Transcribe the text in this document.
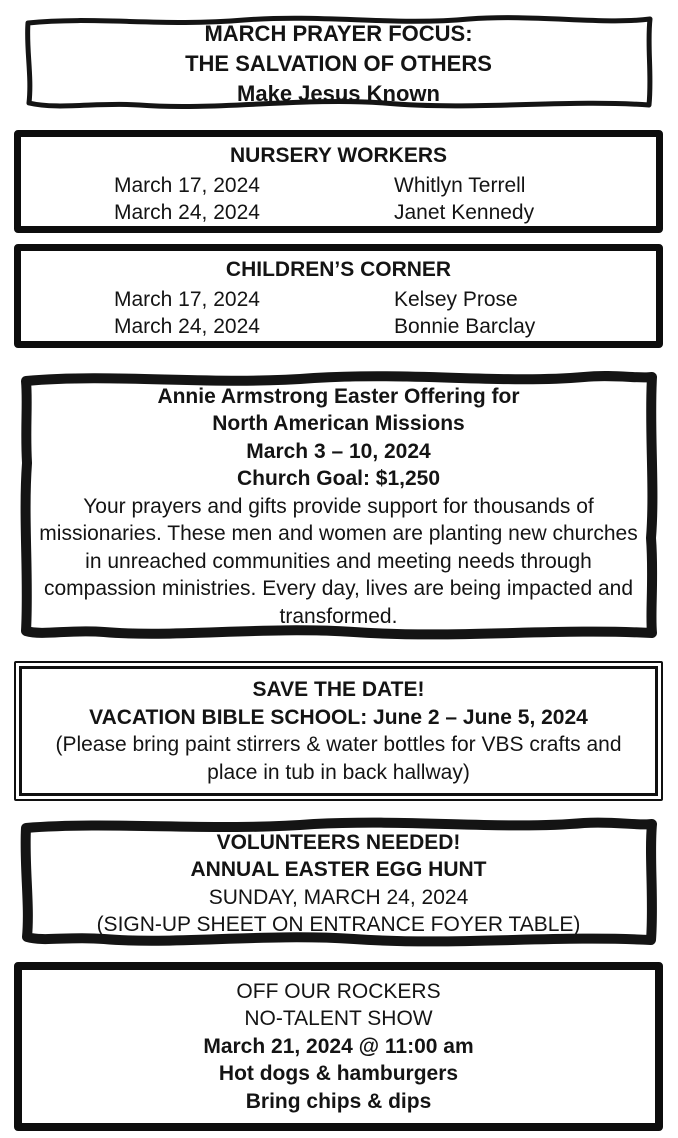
MARCH PRAYER FOCUS:
THE SALVATION OF OTHERS
Make Jesus Known
NURSERY WORKERS
March 17, 2024	Whitlyn Terrell
March 24, 2024	Janet Kennedy
CHILDREN’S CORNER
March 17, 2024	Kelsey Prose
March 24, 2024	Bonnie Barclay
Annie Armstrong Easter Offering for
North American Missions
March 3 – 10, 2024
Church Goal: $1,250
Your prayers and gifts provide support for thousands of missionaries. These men and women are planting new churches in unreached communities and meeting needs through compassion ministries. Every day, lives are being impacted and transformed.
SAVE THE DATE!
VACATION BIBLE SCHOOL: June 2 – June 5, 2024
(Please bring paint stirrers & water bottles for VBS crafts and place in tub in back hallway)
VOLUNTEERS NEEDED!
ANNUAL EASTER EGG HUNT
SUNDAY, MARCH 24, 2024
(SIGN-UP SHEET ON ENTRANCE FOYER TABLE)
OFF OUR ROCKERS
NO-TALENT SHOW
March 21, 2024 @ 11:00 am
Hot dogs & hamburgers
Bring chips & dips
